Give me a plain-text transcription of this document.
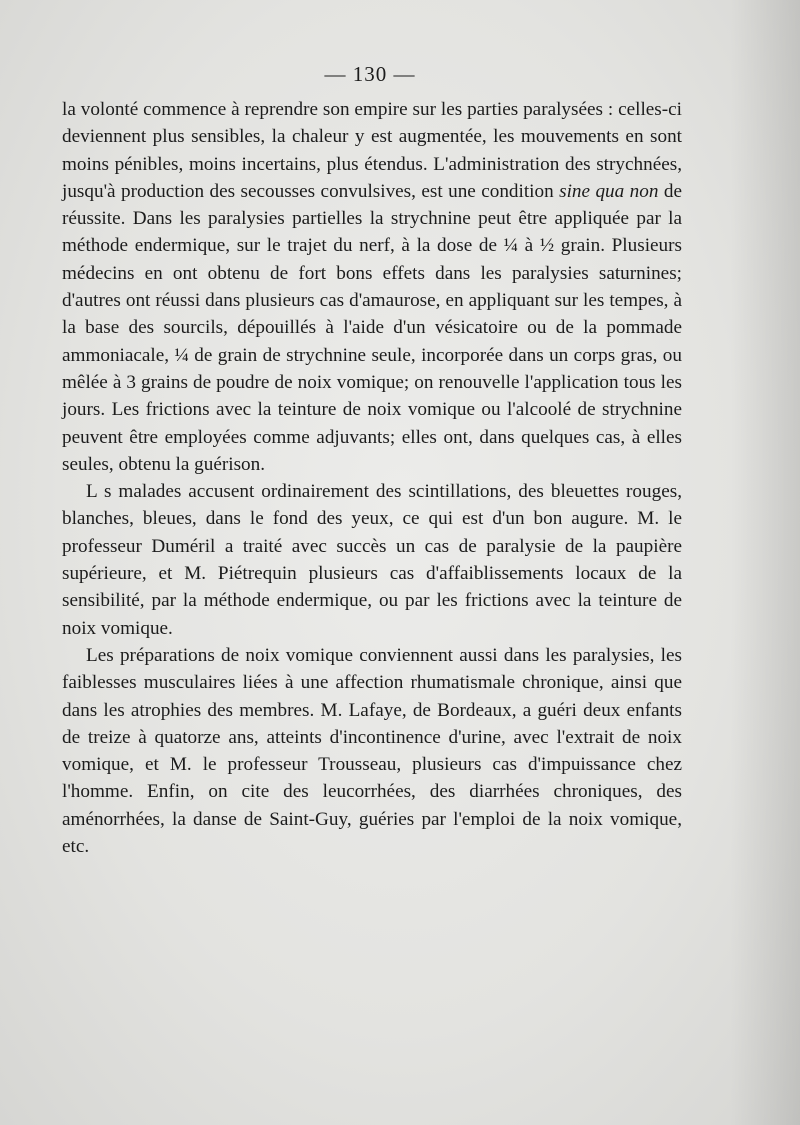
— 130 —

la volonté commence à reprendre son empire sur les parties paralysées : celles-ci deviennent plus sensibles, la chaleur y est augmentée, les mouvements en sont moins pénibles, moins incertains, plus étendus. L'administration des strychnées, jusqu'à production des secousses convulsives, est une condition sine qua non de réussite. Dans les paralysies partielles la strychnine peut être appliquée par la méthode endermique, sur le trajet du nerf, à la dose de ¼ à ½ grain. Plusieurs médecins en ont obtenu de fort bons effets dans les paralysies saturnines; d'autres ont réussi dans plusieurs cas d'amaurose, en appliquant sur les tempes, à la base des sourcils, dépouillés à l'aide d'un vésicatoire ou de la pommade ammoniacale, ¼ de grain de strychnine seule, incorporée dans un corps gras, ou mêlée à 3 grains de poudre de noix vomique; on renouvelle l'application tous les jours. Les frictions avec la teinture de noix vomique ou l'alcoolé de strychnine peuvent être employées comme adjuvants; elles ont, dans quelques cas, à elles seules, obtenu la guérison.

L s malades accusent ordinairement des scintillations, des bleuettes rouges, blanches, bleues, dans le fond des yeux, ce qui est d'un bon augure. M. le professeur Duméril a traité avec succès un cas de paralysie de la paupière supérieure, et M. Piétrequin plusieurs cas d'affaiblissements locaux de la sensibilité, par la méthode endermique, ou par les frictions avec la teinture de noix vomique.

Les préparations de noix vomique conviennent aussi dans les paralysies, les faiblesses musculaires liées à une affection rhumatismale chronique, ainsi que dans les atrophies des membres. M. Lafaye, de Bordeaux, a guéri deux enfants de treize à quatorze ans, atteints d'incontinence d'urine, avec l'extrait de noix vomique, et M. le professeur Trousseau, plusieurs cas d'impuissance chez l'homme. Enfin, on cite des leucorrhées, des diarrhées chroniques, des aménorrhées, la danse de Saint-Guy, guéries par l'emploi de la noix vomique, etc.
